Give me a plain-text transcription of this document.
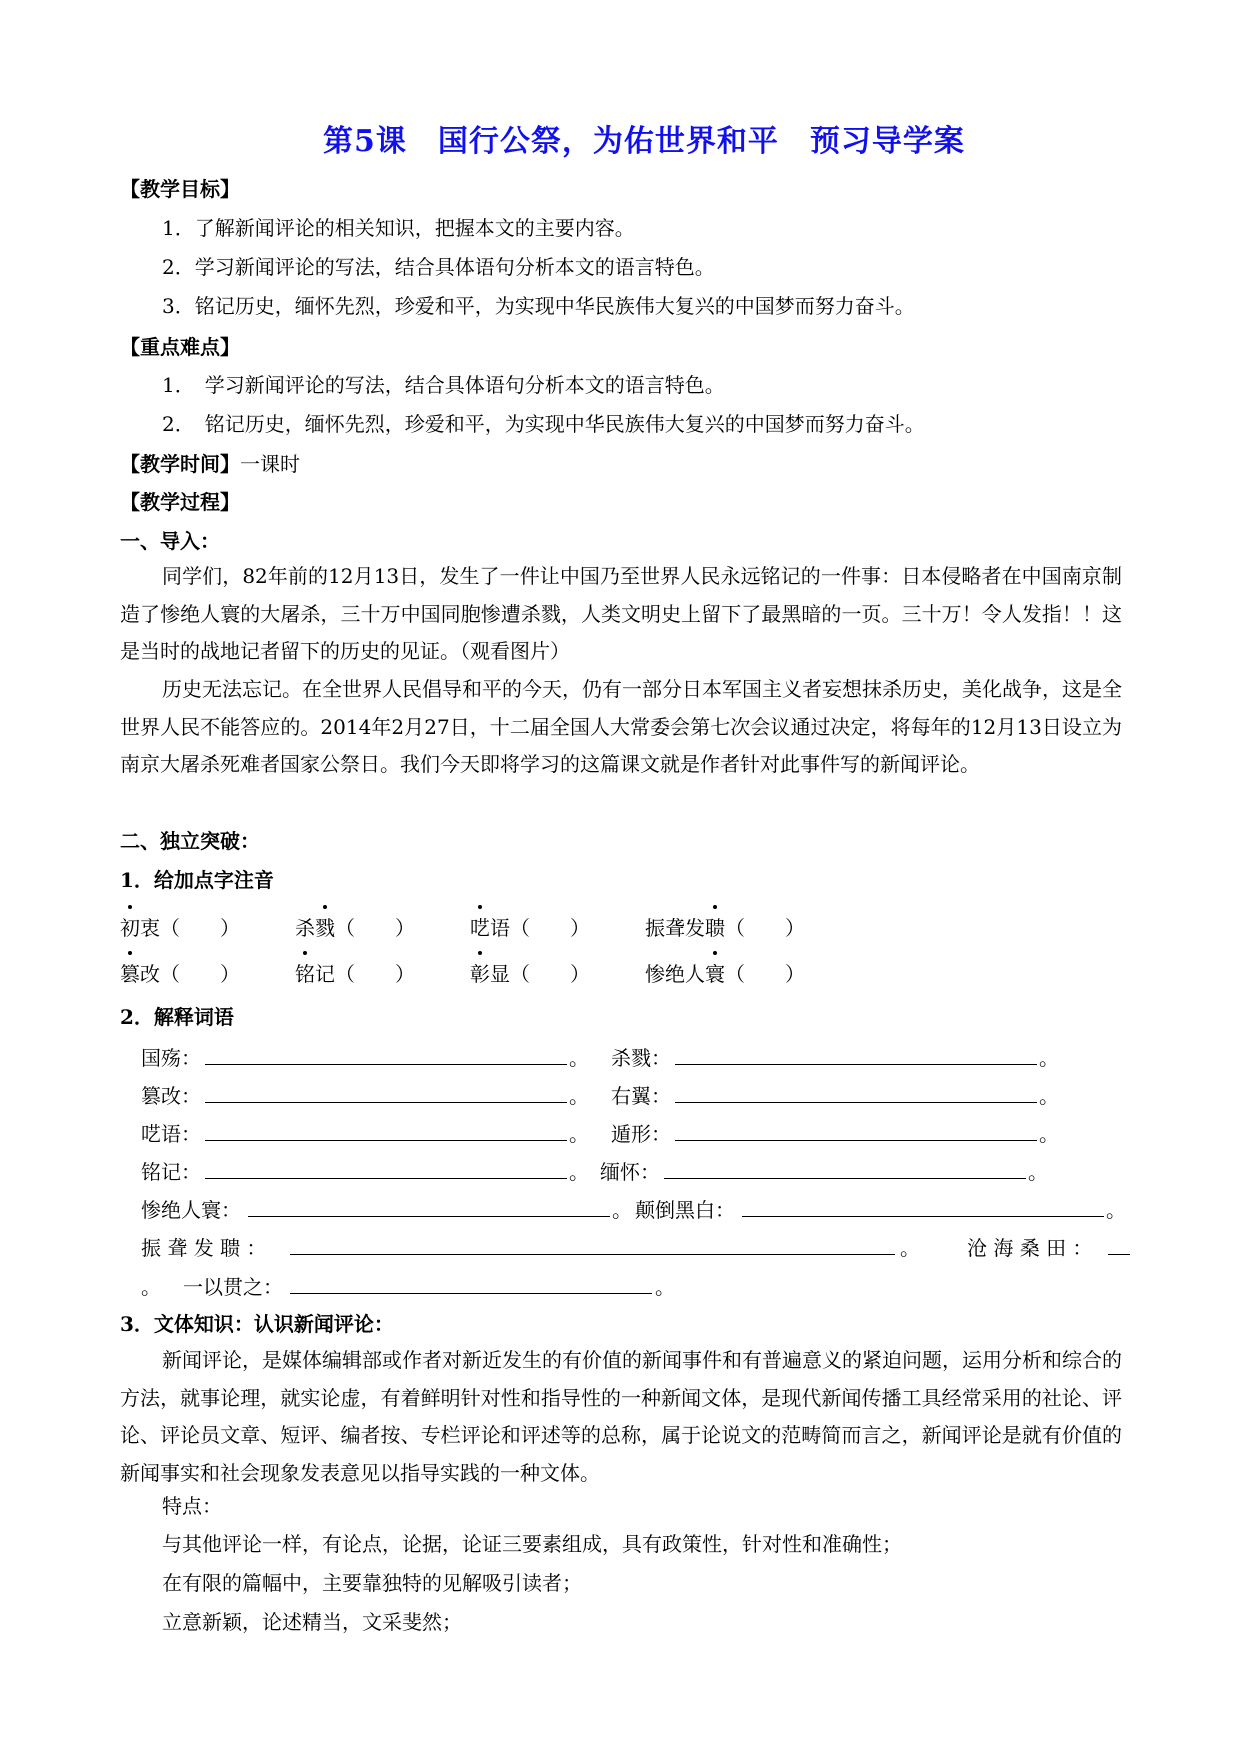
第5课　国行公祭，为佑世界和平　预习导学案
【教学目标】
1．了解新闻评论的相关知识，把握本文的主要内容。
2．学习新闻评论的写法，结合具体语句分析本文的语言特色。
3．铭记历史，缅怀先烈，珍爱和平，为实现中华民族伟大复兴的中国梦而努力奋斗。
【重点难点】
1．　学习新闻评论的写法，结合具体语句分析本文的语言特色。
2．　铭记历史，缅怀先烈，珍爱和平，为实现中华民族伟大复兴的中国梦而努力奋斗。
【教学时间】一课时
【教学过程】
一、导入：
同学们，82年前的12月13日，发生了一件让中国乃至世界人民永远铭记的一件事：日本侵略者在中国南京制造了惨绝人寰的大屠杀，三十万中国同胞惨遭杀戮，人类文明史上留下了最黑暗的一页。三十万！令人发指！！这是当时的战地记者留下的历史的见证。（观看图片）
历史无法忘记。在全世界人民倡导和平的今天，仍有一部分日本军国主义者妄想抹杀历史，美化战争，这是全世界人民不能答应的。2014年2月27日，十二届全国人大常委会第七次会议通过决定，将每年的12月13日设立为南京大屠杀死难者国家公祭日。我们今天即将学习的这篇课文就是作者针对此事件写的新闻评论。
二、独立突破：
1．给加点字注音
初衷（　　）	杀戮（　　）	呓语（　　）	振聋发聩（　　）
篡改（　　）	铭记（　　）	彰显（　　）	惨绝人寰（　　）
2．解释词语
国殇：	。 杀戮：	。
篡改：	。 右翼：	。
呓语：	。 遁形：	。
铭记：	。 缅怀：	。
惨绝人寰：	。 颠倒黑白：	。
振 聋 发 聩 ：	。 沧 海 桑 田 ：
。 一以贯之：	。
3．文体知识：认识新闻评论：
新闻评论，是媒体编辑部或作者对新近发生的有价值的新闻事件和有普遍意义的紧迫问题，运用分析和综合的方法，就事论理，就实论虚，有着鲜明针对性和指导性的一种新闻文体，是现代新闻传播工具经常采用的社论、评论、评论员文章、短评、编者按、专栏评论和评述等的总称，属于论说文的范畴简而言之，新闻评论是就有价值的新闻事实和社会现象发表意见以指导实践的一种文体。
特点：
与其他评论一样，有论点，论据，论证三要素组成，具有政策性，针对性和准确性；
在有限的篇幅中，主要靠独特的见解吸引读者；
立意新颖，论述精当，文采斐然；
